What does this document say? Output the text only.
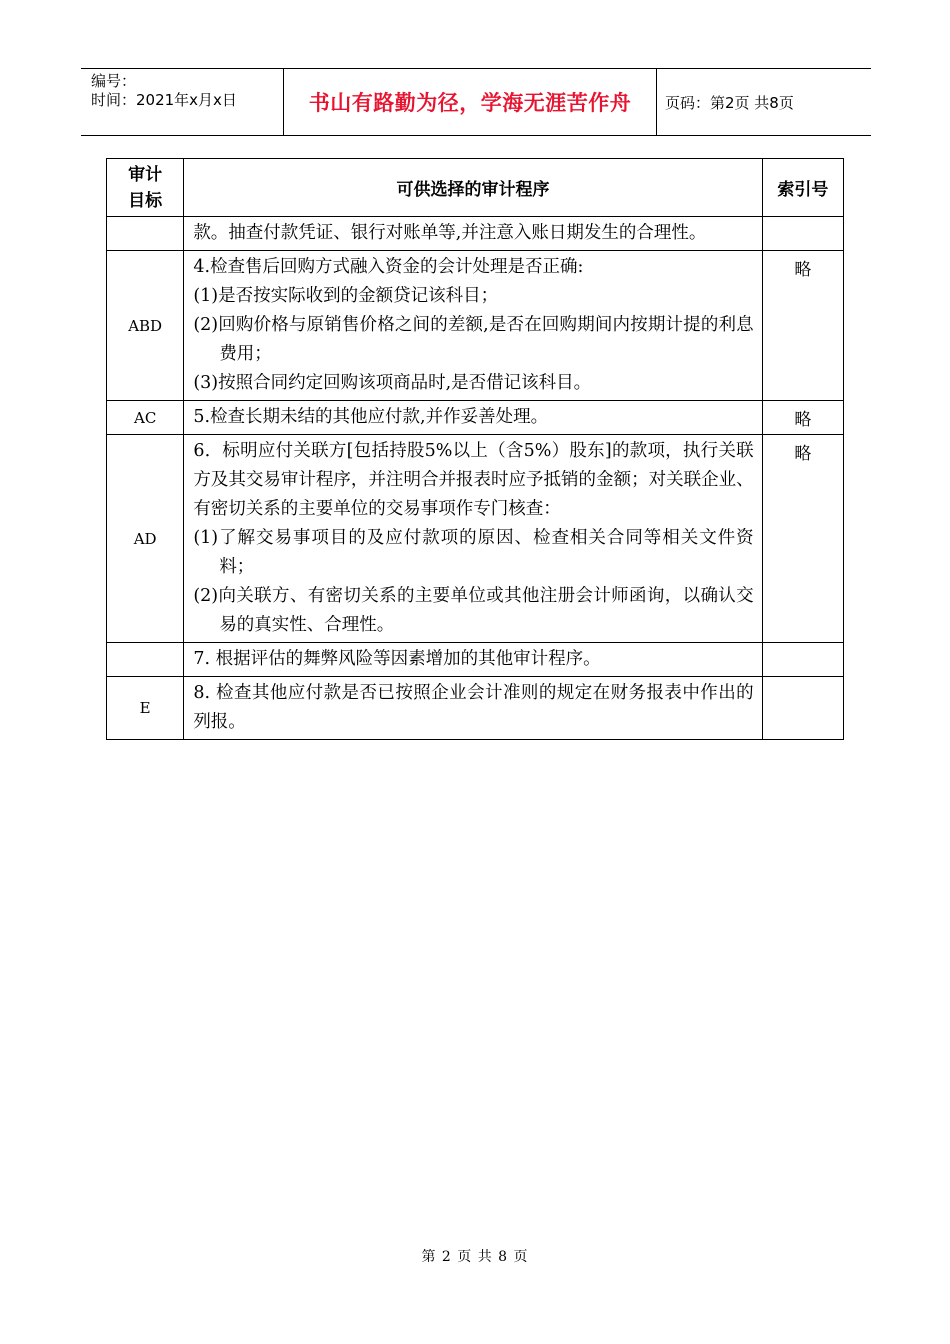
编号：
时间：2021年x月x日	书山有路勤为径，学海无涯苦作舟	页码：第2页 共8页
审计目标	可供选择的审计程序	索引号

	款。抽查付款凭证、银行对账单等,并注意入账日期发生的合理性。	

ABD	4.检查售后回购方式融入资金的会计处理是否正确:
(1)是否按实际收到的金额贷记该科目；
(2)回购价格与原销售价格之间的差额,是否在回购期间内按期计提的利息费用；
(3)按照合同约定回购该项商品时,是否借记该科目。	略
AC	5.检查长期未结的其他应付款,并作妥善处理。	略
AD	6．标明应付关联方[包括持股5%以上（含5%）股东]的款项，执行关联方及其交易审计程序，并注明合并报表时应予抵销的金额；对关联企业、有密切关系的主要单位的交易事项作专门核查：
(1)了解交易事项目的及应付款项的原因、检查相关合同等相关文件资料；
(2)向关联方、有密切关系的主要单位或其他注册会计师函询，以确认交易的真实性、合理性。	略

	7. 根据评估的舞弊风险等因素增加的其他审计程序。	

E	8. 检查其他应付款是否已按照企业会计准则的规定在财务报表中作出的列报。	

第 2 页 共 8 页
